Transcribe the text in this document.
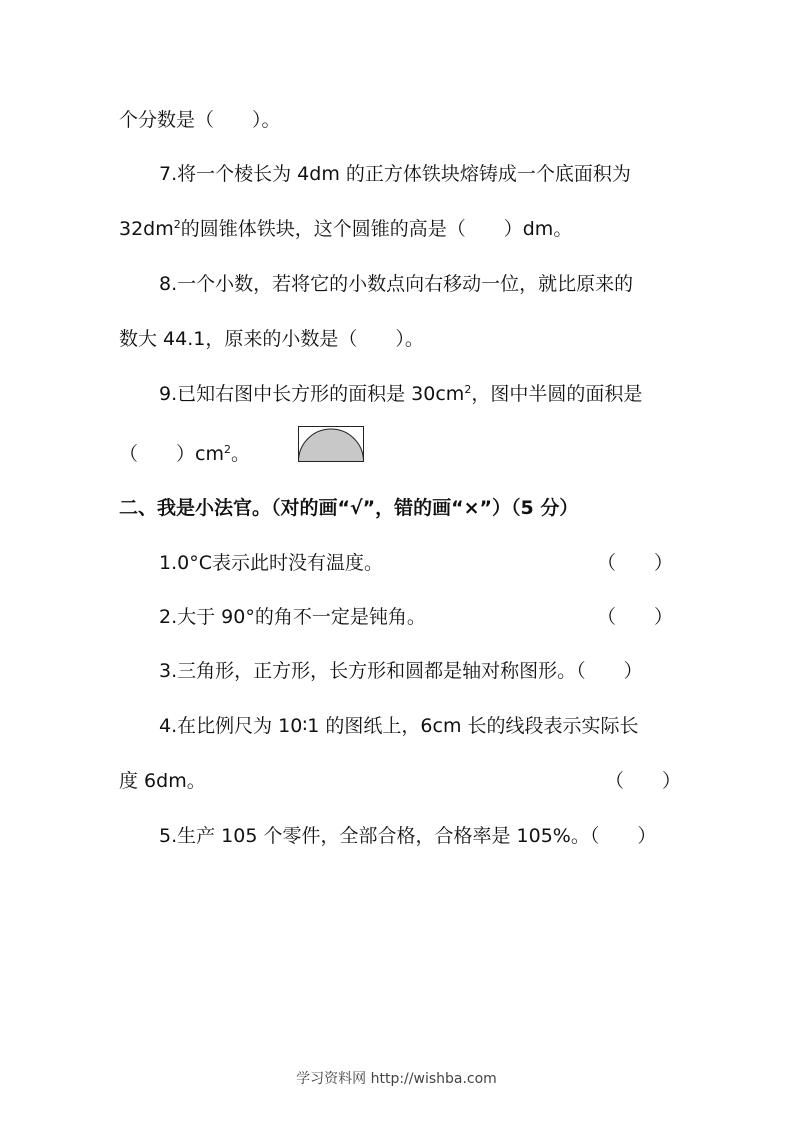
个分数是（　　）。
7.将一个棱长为 4dm 的正方体铁块熔铸成一个底面积为
$32dm^2$的圆锥体铁块，这个圆锥的高是（　　）dm。
8.一个小数，若将它的小数点向右移动一位，就比原来的
数大 44.1，原来的小数是（　　）。
9.已知右图中长方形的面积是 $30cm^2$，图中半圆的面积是
（　　）$cm^2$。
二、我是小法官。（对的画“√”，错的画“×”）（5 分）
1.0°C表示此时没有温度。	（　　）
2.大于 90°的角不一定是钝角。	（　　）
3.三角形，正方形，长方形和圆都是轴对称图形。（　　）
4.在比例尺为 10∶1 的图纸上，6cm 长的线段表示实际长
度 6dm。	（　　）
5.生产 105 个零件，全部合格，合格率是 105%。（　　）
学习资料网 http://wishba.com
